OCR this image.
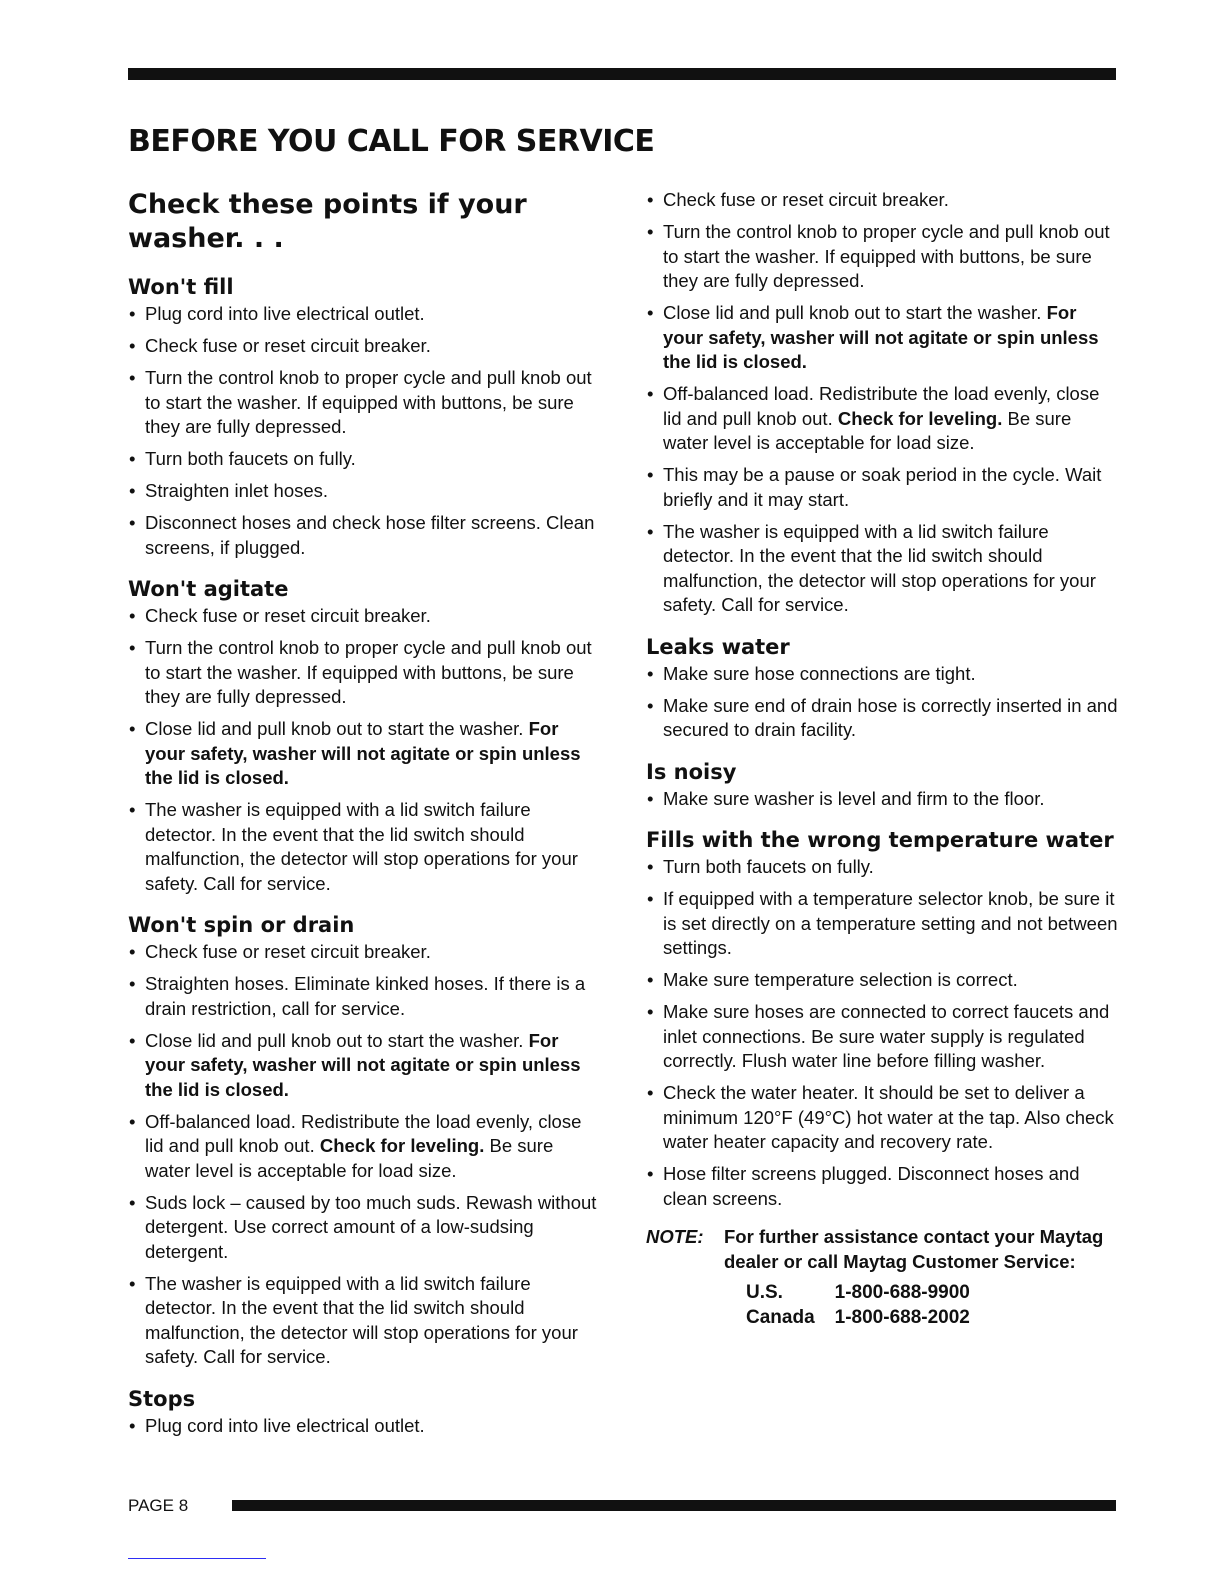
BEFORE YOU CALL FOR SERVICE
Check these points if your washer. . .
Won't fill
• Plug cord into live electrical outlet.
• Check fuse or reset circuit breaker.
• Turn the control knob to proper cycle and pull knob out to start the washer. If equipped with buttons, be sure they are fully depressed.
• Turn both faucets on fully.
• Straighten inlet hoses.
• Disconnect hoses and check hose filter screens. Clean screens, if plugged.
Won't agitate
• Check fuse or reset circuit breaker.
• Turn the control knob to proper cycle and pull knob out to start the washer. If equipped with buttons, be sure they are fully depressed.
• Close lid and pull knob out to start the washer. For your safety, washer will not agitate or spin unless the lid is closed.
• The washer is equipped with a lid switch failure detector. In the event that the lid switch should malfunction, the detector will stop operations for your safety. Call for service.
Won't spin or drain
• Check fuse or reset circuit breaker.
• Straighten hoses. Eliminate kinked hoses. If there is a drain restriction, call for service.
• Close lid and pull knob out to start the washer. For your safety, washer will not agitate or spin unless the lid is closed.
• Off-balanced load. Redistribute the load evenly, close lid and pull knob out. Check for leveling. Be sure water level is acceptable for load size.
• Suds lock – caused by too much suds. Rewash without detergent. Use correct amount of a low-sudsing detergent.
• The washer is equipped with a lid switch failure detector. In the event that the lid switch should malfunction, the detector will stop operations for your safety. Call for service.
Stops
• Plug cord into live electrical outlet.
• Check fuse or reset circuit breaker.
• Turn the control knob to proper cycle and pull knob out to start the washer. If equipped with buttons, be sure they are fully depressed.
• Close lid and pull knob out to start the washer. For your safety, washer will not agitate or spin unless the lid is closed.
• Off-balanced load. Redistribute the load evenly, close lid and pull knob out. Check for leveling. Be sure water level is acceptable for load size.
• This may be a pause or soak period in the cycle. Wait briefly and it may start.
• The washer is equipped with a lid switch failure detector. In the event that the lid switch should malfunction, the detector will stop operations for your safety. Call for service.
Leaks water
• Make sure hose connections are tight.
• Make sure end of drain hose is correctly inserted in and secured to drain facility.
Is noisy
• Make sure washer is level and firm to the floor.
Fills with the wrong temperature water
• Turn both faucets on fully.
• If equipped with a temperature selector knob, be sure it is set directly on a temperature setting and not between settings.
• Make sure temperature selection is correct.
• Make sure hoses are connected to correct faucets and inlet connections. Be sure water supply is regulated correctly. Flush water line before filling washer.
• Check the water heater. It should be set to deliver a minimum 120°F (49°C) hot water at the tap. Also check water heater capacity and recovery rate.
• Hose filter screens plugged. Disconnect hoses and clean screens.
NOTE: For further assistance contact your Maytag dealer or call Maytag Customer Service:
U.S.	1-800-688-9900
Canada	1-800-688-2002
PAGE 8
